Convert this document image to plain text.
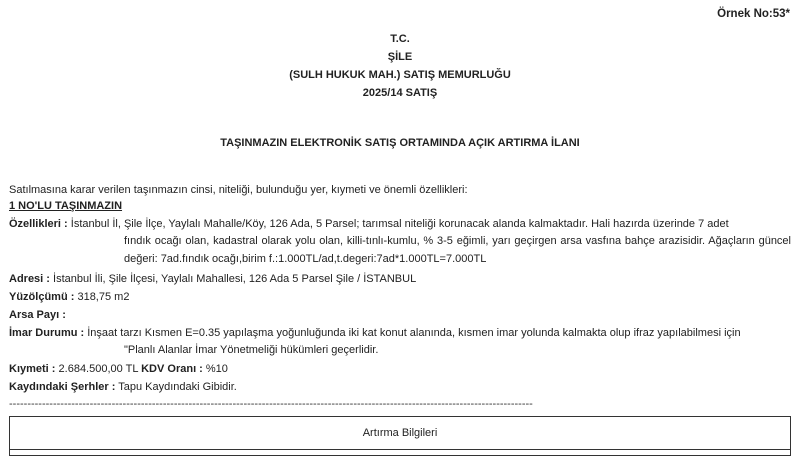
Örnek No:53*
T.C.
ŞİLE
(SULH HUKUK MAH.) SATIŞ MEMURLUĞU
2025/14 SATIŞ
TAŞINMAZIN ELEKTRONİK SATIŞ ORTAMINDA AÇIK ARTIRMA İLANI
Satılmasına karar verilen taşınmazın cinsi, niteliği, bulunduğu yer, kıymeti ve önemli özellikleri:
1 NO'LU TAŞINMAZIN
Özellikleri : İstanbul İl, Şile İlçe, Yaylalı Mahalle/Köy, 126 Ada, 5 Parsel; tarımsal niteliği korunacak alanda kalmaktadır. Hali hazırda üzerinde 7 adet
fındık ocağı olan, kadastral olarak yolu olan, killi-tınlı-kumlu, % 3-5 eğimli, yarı geçirgen arsa vasfına bahçe arazisidir. Ağaçların güncel değeri: 7ad.fındık ocağı,birim f.:1.000TL/ad,t.degeri:7ad*1.000TL=7.000TL
Adresi : İstanbul İli, Şile İlçesi, Yaylalı Mahallesi, 126 Ada 5 Parsel Şile / İSTANBUL
Yüzölçümü : 318,75 m2
Arsa Payı :
İmar Durumu : İnşaat tarzı Kısmen E=0.35 yapılaşma yoğunluğunda iki kat konut alanında, kısmen imar yolunda kalmakta olup ifraz yapılabilmesi için
"Planlı Alanlar İmar Yönetmeliği hükümleri geçerlidir.
Kıymeti : 2.684.500,00 TL KDV Oranı : %10
Kaydındaki Şerhler : Tapu Kaydındaki Gibidir.
-----------------------------------------------------------------------------------------------------------------------------------------------
Artırma Bilgileri
